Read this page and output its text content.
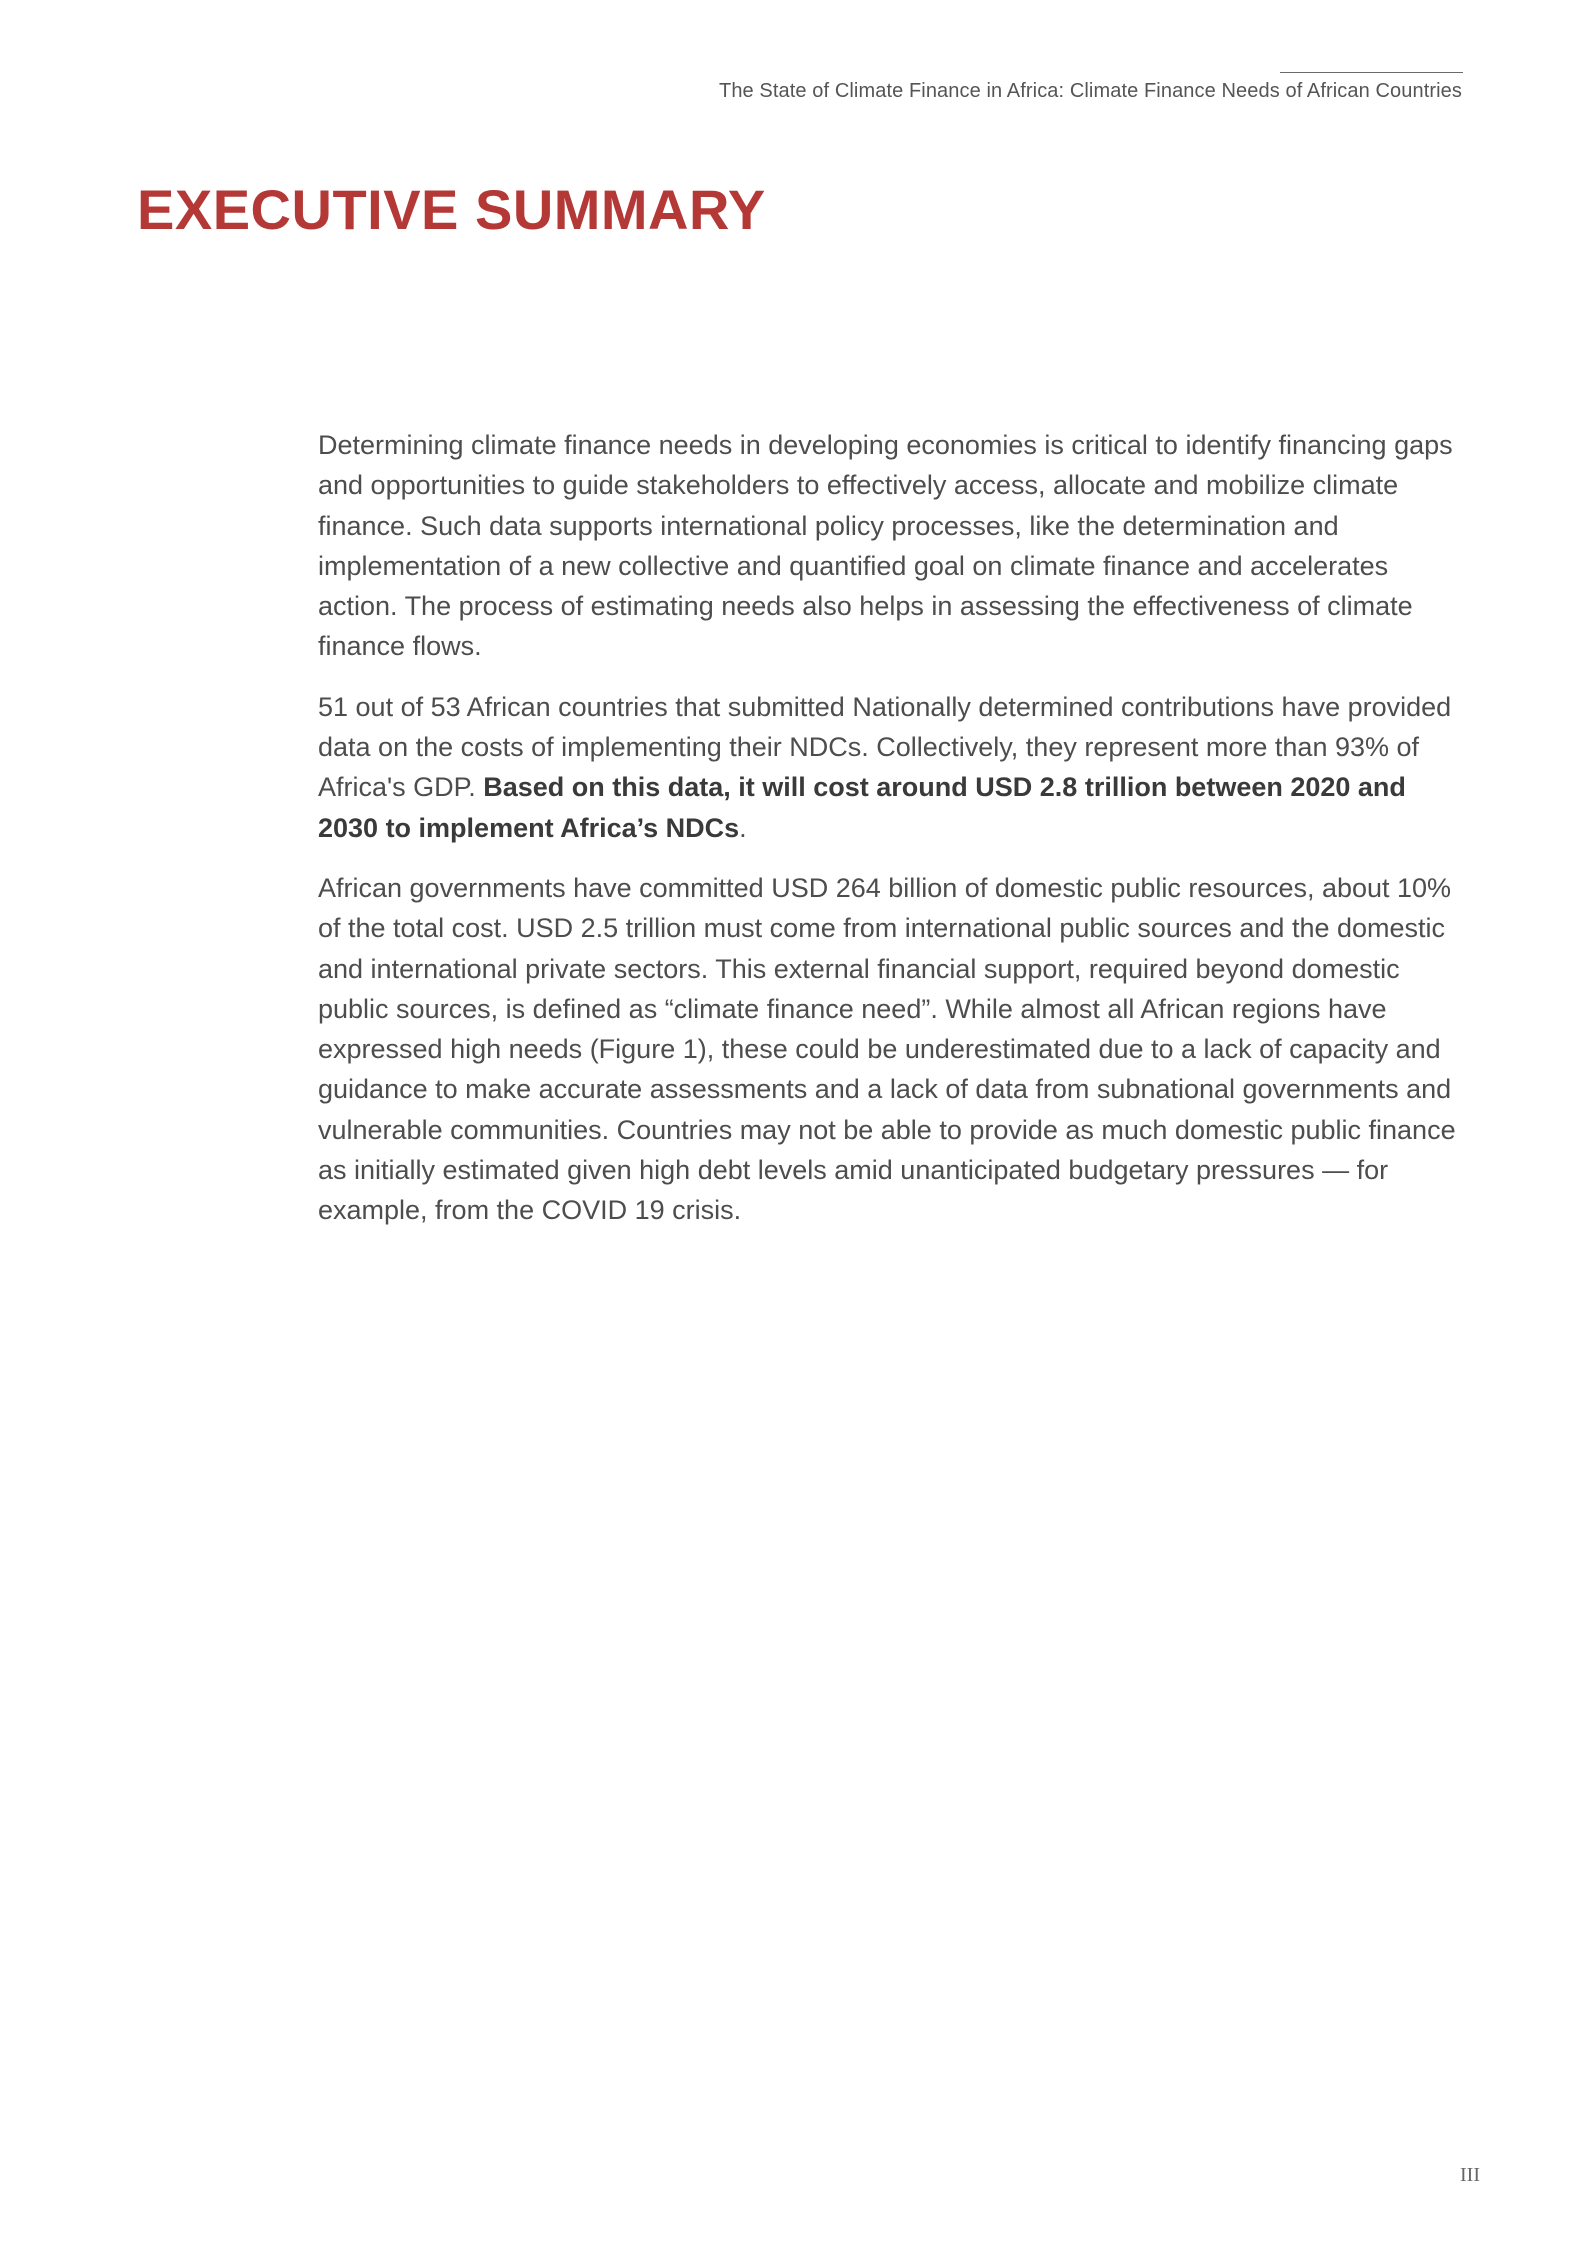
The State of Climate Finance in Africa: Climate Finance Needs of African Countries
EXECUTIVE SUMMARY

Determining climate finance needs in developing economies is critical to identify financing gaps and opportunities to guide stakeholders to effectively access, allocate and mobilize climate finance. Such data supports international policy processes, like the determination and implementation of a new collective and quantified goal on climate finance and accelerates action. The process of estimating needs also helps in assessing the effectiveness of climate finance flows.

51 out of 53 African countries that submitted Nationally determined contributions have provided data on the costs of implementing their NDCs. Collectively, they represent more than 93% of Africa's GDP. Based on this data, it will cost around USD 2.8 trillion between 2020 and 2030 to implement Africa’s NDCs.

African governments have committed USD 264 billion of domestic public resources, about 10% of the total cost. USD 2.5 trillion must come from international public sources and the domestic and international private sectors. This external financial support, required beyond domestic public sources, is defined as “climate finance need”. While almost all African regions have expressed high needs (Figure 1), these could be underestimated due to a lack of capacity and guidance to make accurate assessments and a lack of data from subnational governments and vulnerable communities. Countries may not be able to provide as much domestic public finance as initially estimated given high debt levels amid unanticipated budgetary pressures — for example, from the COVID 19 crisis.

III
